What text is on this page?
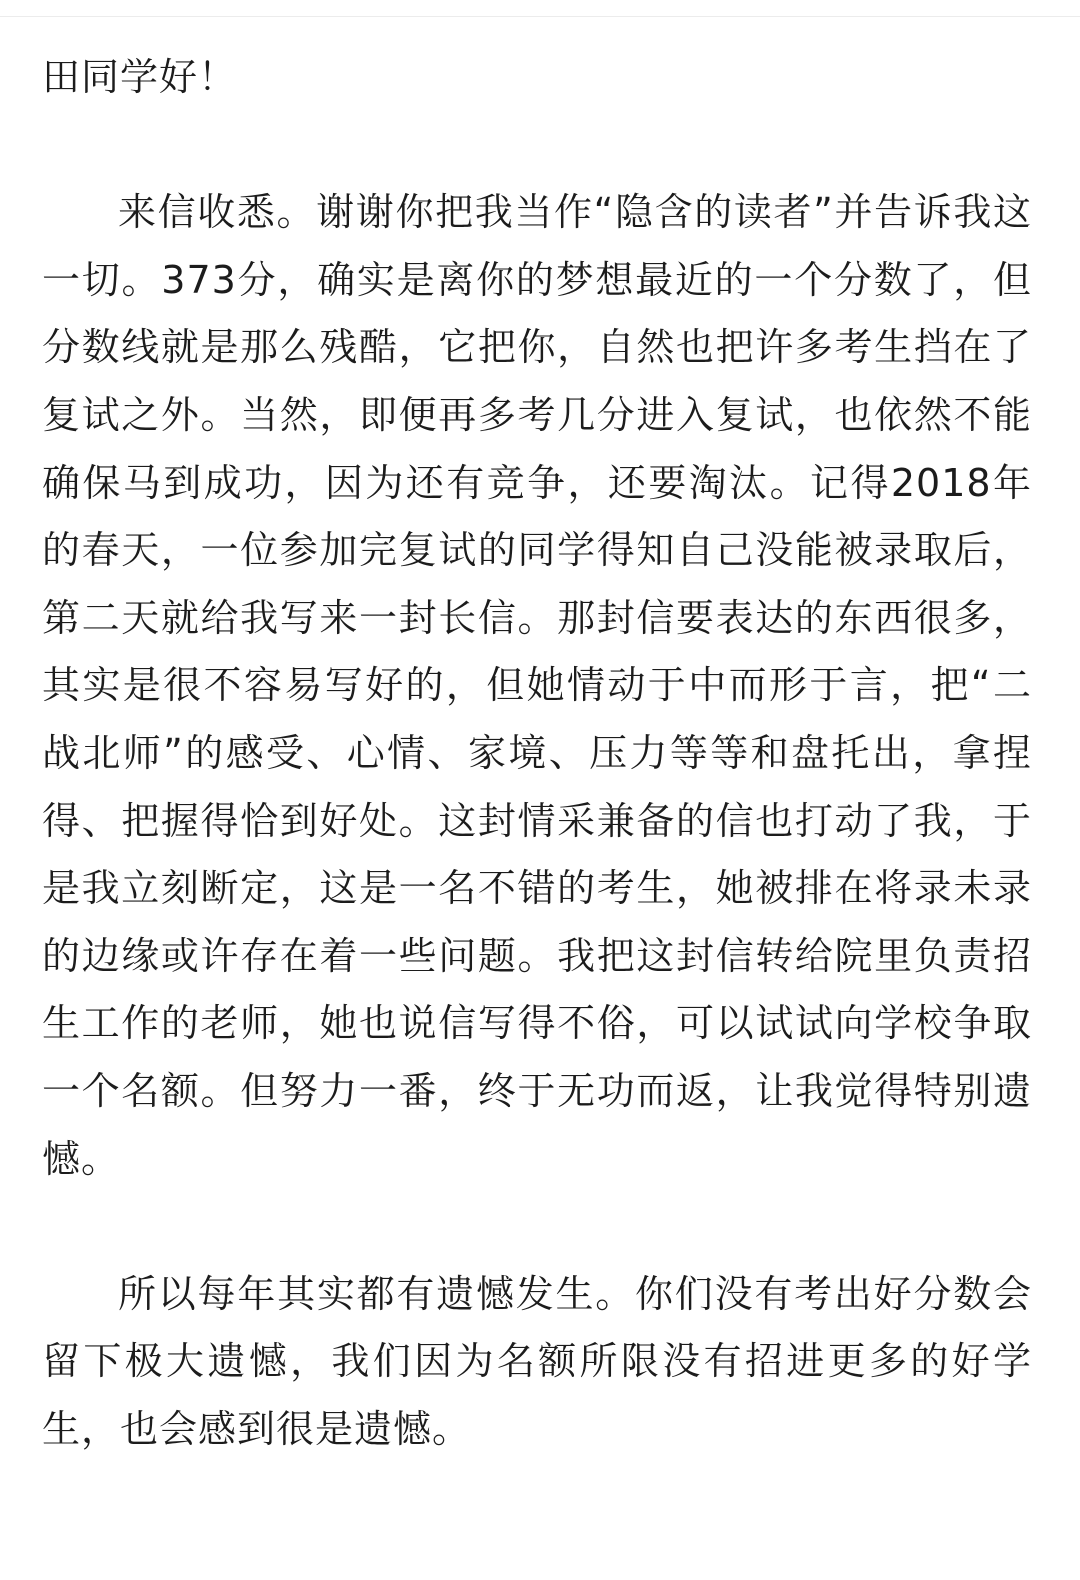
田同学好！

来信收悉。谢谢你把我当作“隐含的读者”并告诉我这一切。373分，确实是离你的梦想最近的一个分数了，但分数线就是那么残酷，它把你，自然也把许多考生挡在了复试之外。当然，即便再多考几分进入复试，也依然不能确保马到成功，因为还有竞争，还要淘汰。记得2018年的春天，一位参加完复试的同学得知自己没能被录取后，第二天就给我写来一封长信。那封信要表达的东西很多，其实是很不容易写好的，但她情动于中而形于言，把“二战北师”的感受、心情、家境、压力等等和盘托出，拿捏得、把握得恰到好处。这封情采兼备的信也打动了我，于是我立刻断定，这是一名不错的考生，她被排在将录未录的边缘或许存在着一些问题。我把这封信转给院里负责招生工作的老师，她也说信写得不俗，可以试试向学校争取一个名额。但努力一番，终于无功而返，让我觉得特别遗憾。

所以每年其实都有遗憾发生。你们没有考出好分数会留下极大遗憾，我们因为名额所限没有招进更多的好学生，也会感到很是遗憾。
